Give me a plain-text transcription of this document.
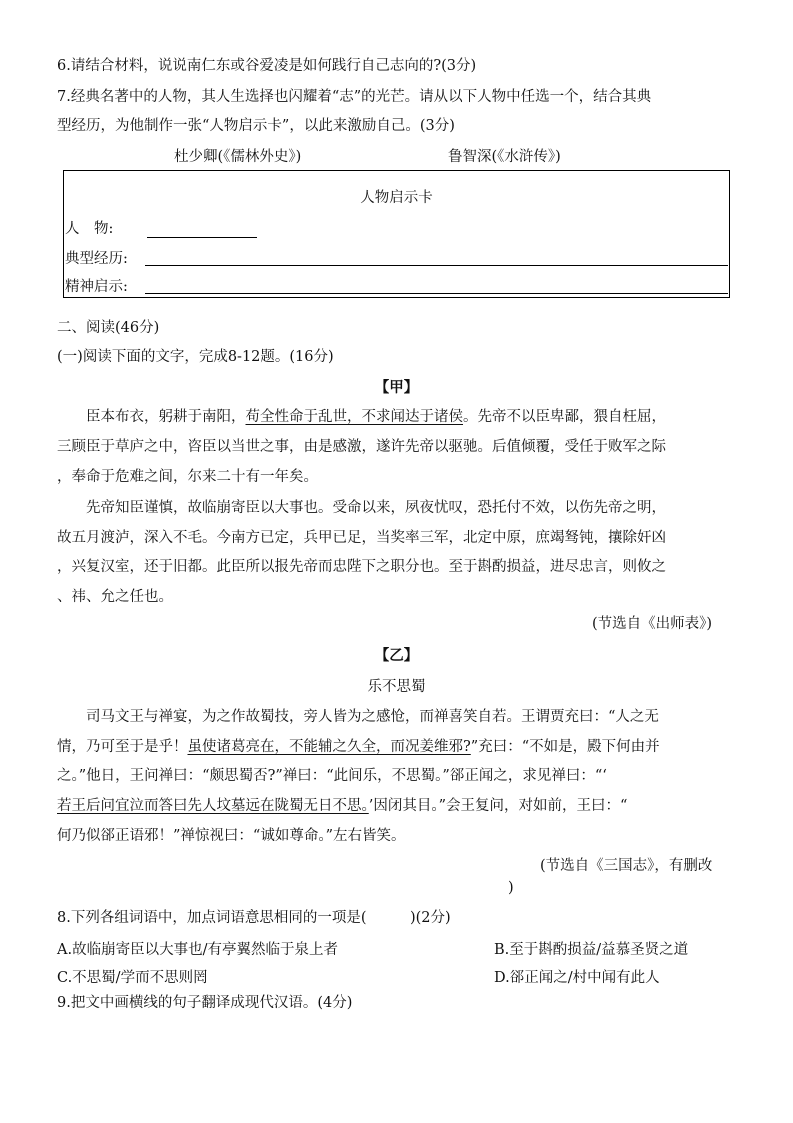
6.请结合材料，说说南仁东或谷爱凌是如何践行自己志向的?(3分)
7.经典名著中的人物，其人生选择也闪耀着“志”的光芒。请从以下人物中任选一个，结合其典
型经历，为他制作一张“人物启示卡”，以此来激励自己。(3分)
杜少卿(《儒林外史》)	鲁智深(《水浒传》)
人物启示卡
人　物:
典型经历:
精神启示:
二、阅读(46分)
(一)阅读下面的文字，完成8-12题。(16分)
【甲】
臣本布衣，躬耕于南阳，苟全性命于乱世，不求闻达于诸侯。先帝不以臣卑鄙，猥自枉屈，
三顾臣于草庐之中，咨臣以当世之事，由是感激，遂许先帝以驱驰。后值倾覆，受任于败军之际
，奉命于危难之间，尔来二十有一年矣。
先帝知臣谨慎，故临崩寄臣以大事也。受命以来，夙夜忧叹，恐托付不效，以伤先帝之明，
故五月渡泸，深入不毛。今南方已定，兵甲已足，当奖率三军，北定中原，庶竭驽钝，攘除奸凶
，兴复汉室，还于旧都。此臣所以报先帝而忠陛下之职分也。至于斟酌损益，进尽忠言，则攸之
、祎、允之任也。
(节选自《出师表》)
【乙】
乐不思蜀
司马文王与禅宴，为之作故蜀技，旁人皆为之感怆，而禅喜笑自若。王谓贾充曰：“人之无
情，乃可至于是乎！虽使诸葛亮在，不能辅之久全，而况姜维邪?”充曰：“不如是，殿下何由并
之。”他日，王问禅曰：“颇思蜀否?”禅曰：“此间乐，不思蜀。”郤正闻之，求见禅曰：“‘
若王后问宜泣而答曰先人坟墓远在陇蜀无日不思。’因闭其目。”会王复问，对如前，王曰：“
何乃似郤正语邪！”禅惊视曰：“诚如尊命。”左右皆笑。
(节选自《三国志》，有删改
)
8.下列各组词语中，加点词语意思相同的一项是(　　　)(2分)
A.故临崩寄臣以大事也/有亭翼然临于泉上者	B.至于斟酌损益/益慕圣贤之道
C.不思蜀/学而不思则罔	D.郤正闻之/村中闻有此人
9.把文中画横线的句子翻译成现代汉语。(4分)
